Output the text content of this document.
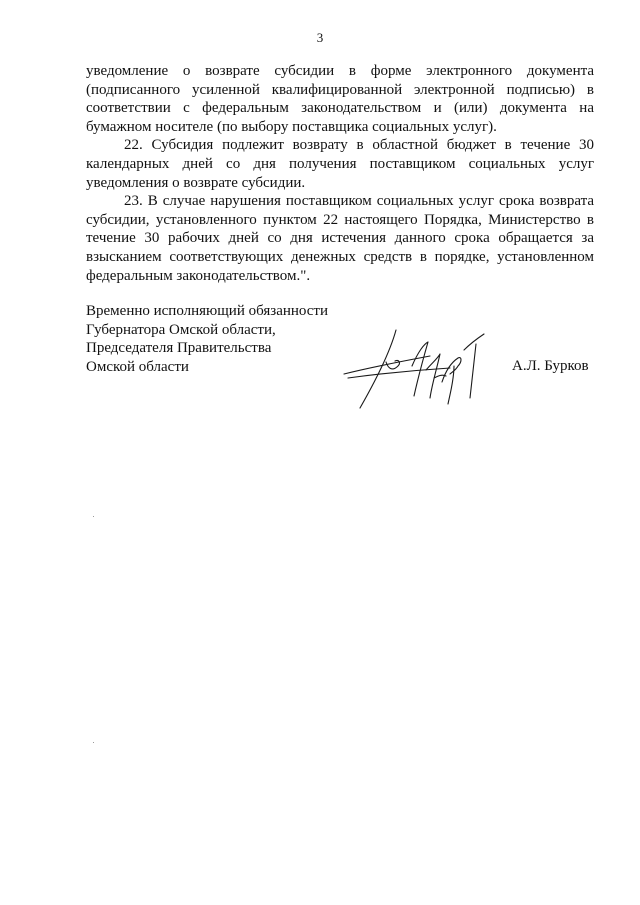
3

уведомление о возврате субсидии в форме электронного документа (подписанного усиленной квалифицированной электронной подписью) в соответствии с федеральным законодательством и (или) документа на бумажном носителе (по выбору поставщика социальных услуг).

22. Субсидия подлежит возврату в областной бюджет в течение 30 календарных дней со дня получения поставщиком социальных услуг уведомления о возврате субсидии.

23. В случае нарушения поставщиком социальных услуг срока возврата субсидии, установленного пунктом 22 настоящего Порядка, Министерство в течение 30 рабочих дней со дня истечения данного срока обращается за взысканием соответствующих денежных средств в порядке, установленном федеральным законодательством.".

Временно исполняющий обязанности
Губернатора Омской области,
Председателя Правительства
Омской области	А.Л. Бурков
